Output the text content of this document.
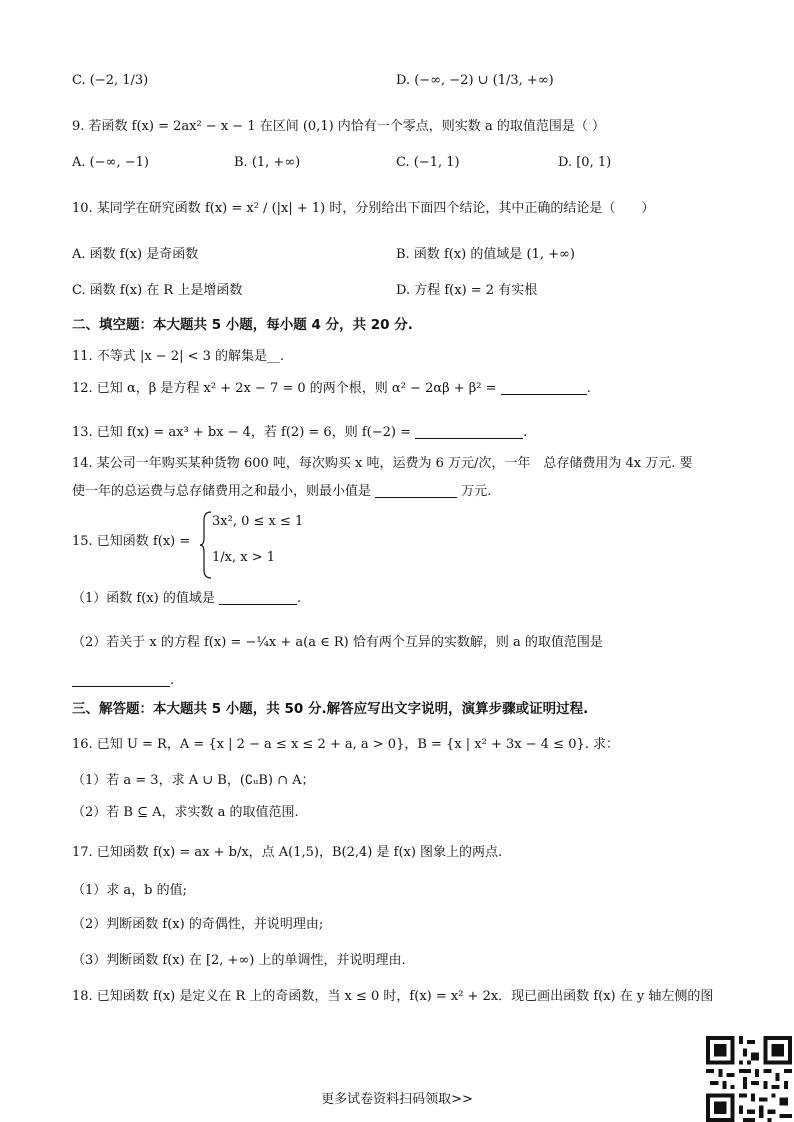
C. (−2, 1/3)	D. (−∞, −2) ∪ (1/3, +∞)
9. 若函数 f(x) = 2ax² − x − 1 在区间 (0,1) 内恰有一个零点，则实数 a 的取值范围是（ ）
A. (−∞, −1)	B. (1, +∞)	C. (−1, 1)	D. [0, 1)
10. 某同学在研究函数 f(x) = x² / (|x| + 1) 时，分别给出下面四个结论，其中正确的结论是（　　）
A. 函数 f(x) 是奇函数	B. 函数 f(x) 的值域是 (1, +∞)
C. 函数 f(x) 在 R 上是增函数	D. 方程 f(x) = 2 有实根
二、填空题：本大题共 5 小题，每小题 4 分，共 20 分.
11. 不等式 |x − 2| < 3 的解集是__.
12. 已知 α，β 是方程 x² + 2x − 7 = 0 的两个根，则 α² − 2αβ + β² =	.
13. 已知 f(x) = ax³ + bx − 4，若 f(2) = 6，则 f(−2) =	.
14. 某公司一年购买某种货物 600 吨，每次购买 x 吨，运费为 6 万元/次，一年　总存储费用为 4x 万元. 要
使一年的总运费与总存储费用之和最小，则最小值是	万元.
15. 已知函数 f(x) =
3x², 0 ≤ x ≤ 1
1/x, x > 1
（1）函数 f(x) 的值域是	.
（2）若关于 x 的方程 f(x) = −¼x + a(a ∈ R) 恰有两个互异的实数解，则 a 的取值范围是
.
三、解答题：本大题共 5 小题，共 50 分.解答应写出文字说明，演算步骤或证明过程.
16. 已知 U = R，A = {x | 2 − a ≤ x ≤ 2 + a, a > 0}，B = {x | x² + 3x − 4 ≤ 0}. 求：
（1）若 a = 3，求 A ∪ B，(∁ᵤB) ∩ A；
（2）若 B ⊆ A，求实数 a 的取值范围.
17. 已知函数 f(x) = ax + b/x，点 A(1,5)，B(2,4) 是 f(x) 图象上的两点.
（1）求 a，b 的值;
（2）判断函数 f(x) 的奇偶性，并说明理由;
（3）判断函数 f(x) 在 [2, +∞) 上的单调性，并说明理由.
18. 已知函数 f(x) 是定义在 R 上的奇函数，当 x ≤ 0 时，f(x) = x² + 2x．现已画出函数 f(x) 在 y 轴左侧的图
更多试卷资料扫码领取>>
